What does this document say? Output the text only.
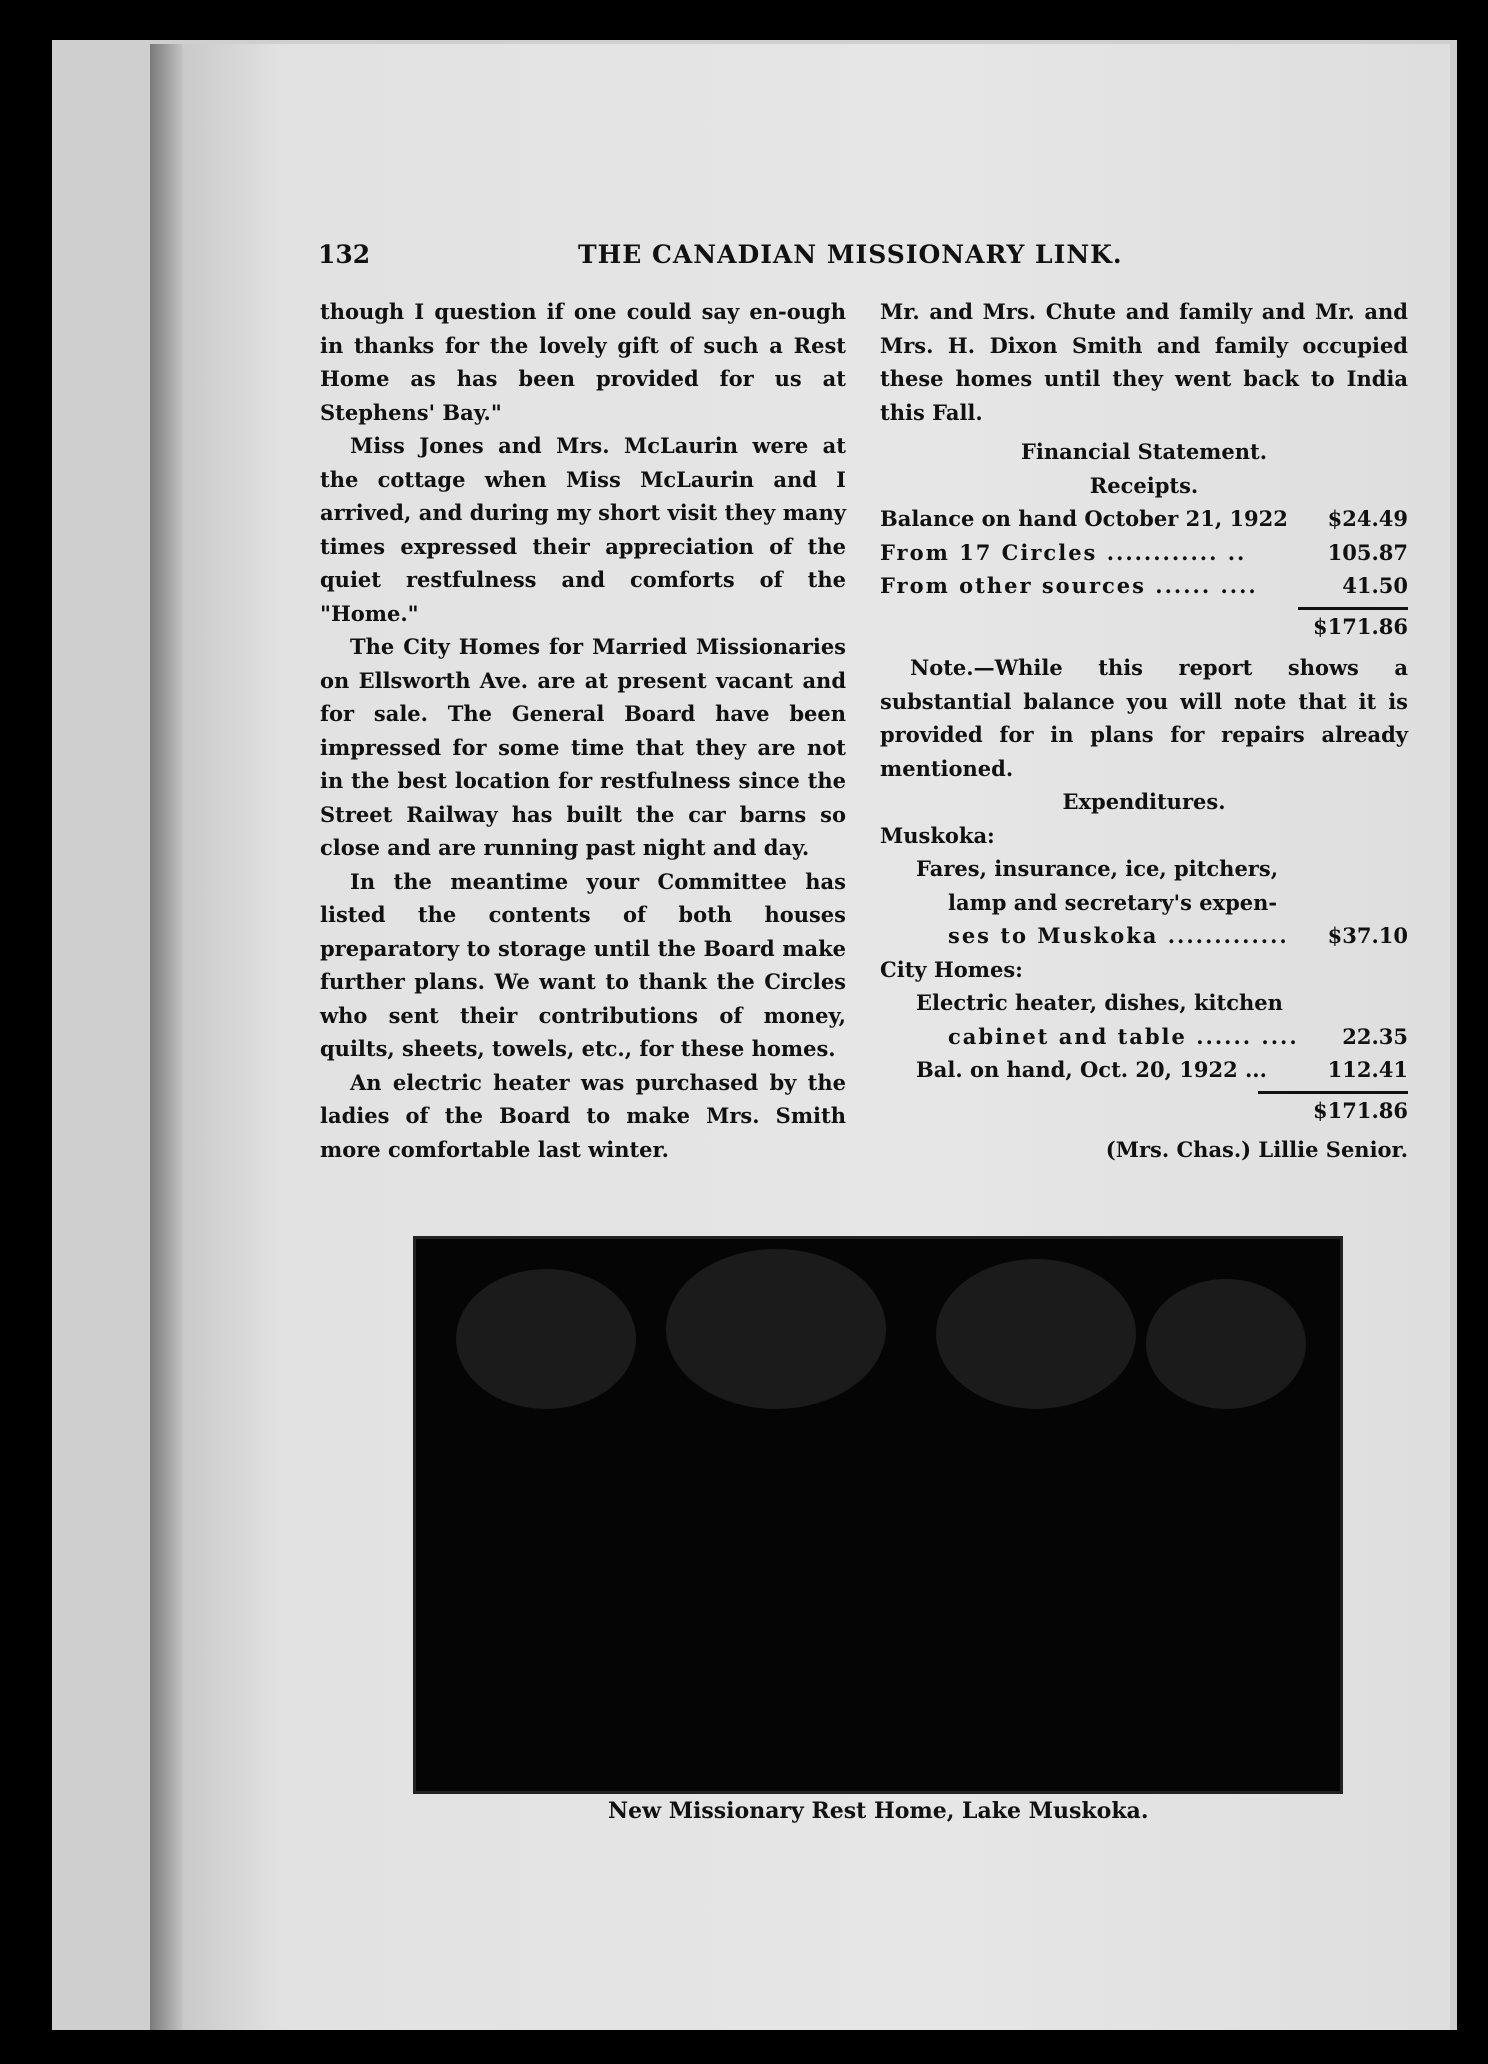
132	THE CANADIAN MISSIONARY LINK.

though I question if one could say en-ough in thanks for the lovely gift of such a Rest Home as has been provided for us at Stephens' Bay."

Miss Jones and Mrs. McLaurin were at the cottage when Miss McLaurin and I arrived, and during my short visit they many times expressed their appreciation of the quiet restfulness and comforts of the "Home."

The City Homes for Married Missionaries on Ellsworth Ave. are at present vacant and for sale. The General Board have been impressed for some time that they are not in the best location for restfulness since the Street Railway has built the car barns so close and are running past night and day.

In the meantime your Committee has listed the contents of both houses preparatory to storage until the Board make further plans. We want to thank the Circles who sent their contributions of money, quilts, sheets, towels, etc., for these homes.

An electric heater was purchased by the ladies of the Board to make Mrs. Smith more comfortable last winter.

Mr. and Mrs. Chute and family and Mr. and Mrs. H. Dixon Smith and family occupied these homes until they went back to India this Fall.

Financial Statement.

Receipts.

Balance on hand October 21, 1922 $24.49
From 17 Circles ............ ..	105.87
From other sources ...... ....	41.50

$171.86

Note.—While this report shows a substantial balance you will note that it is provided for in plans for repairs already mentioned.

Expenditures.

Muskoka:

Fares, insurance, ice, pitchers,

lamp and secretary's expen-

ses to Muskoka ............. $37.10

City Homes:

Electric heater, dishes, kitchen

cabinet and table ...... .... 22.35
Bal. on hand, Oct. 20, 1922 ...	112.41

$171.86

(Mrs. Chas.) Lillie Senior.

New Missionary Rest Home, Lake Muskoka.
